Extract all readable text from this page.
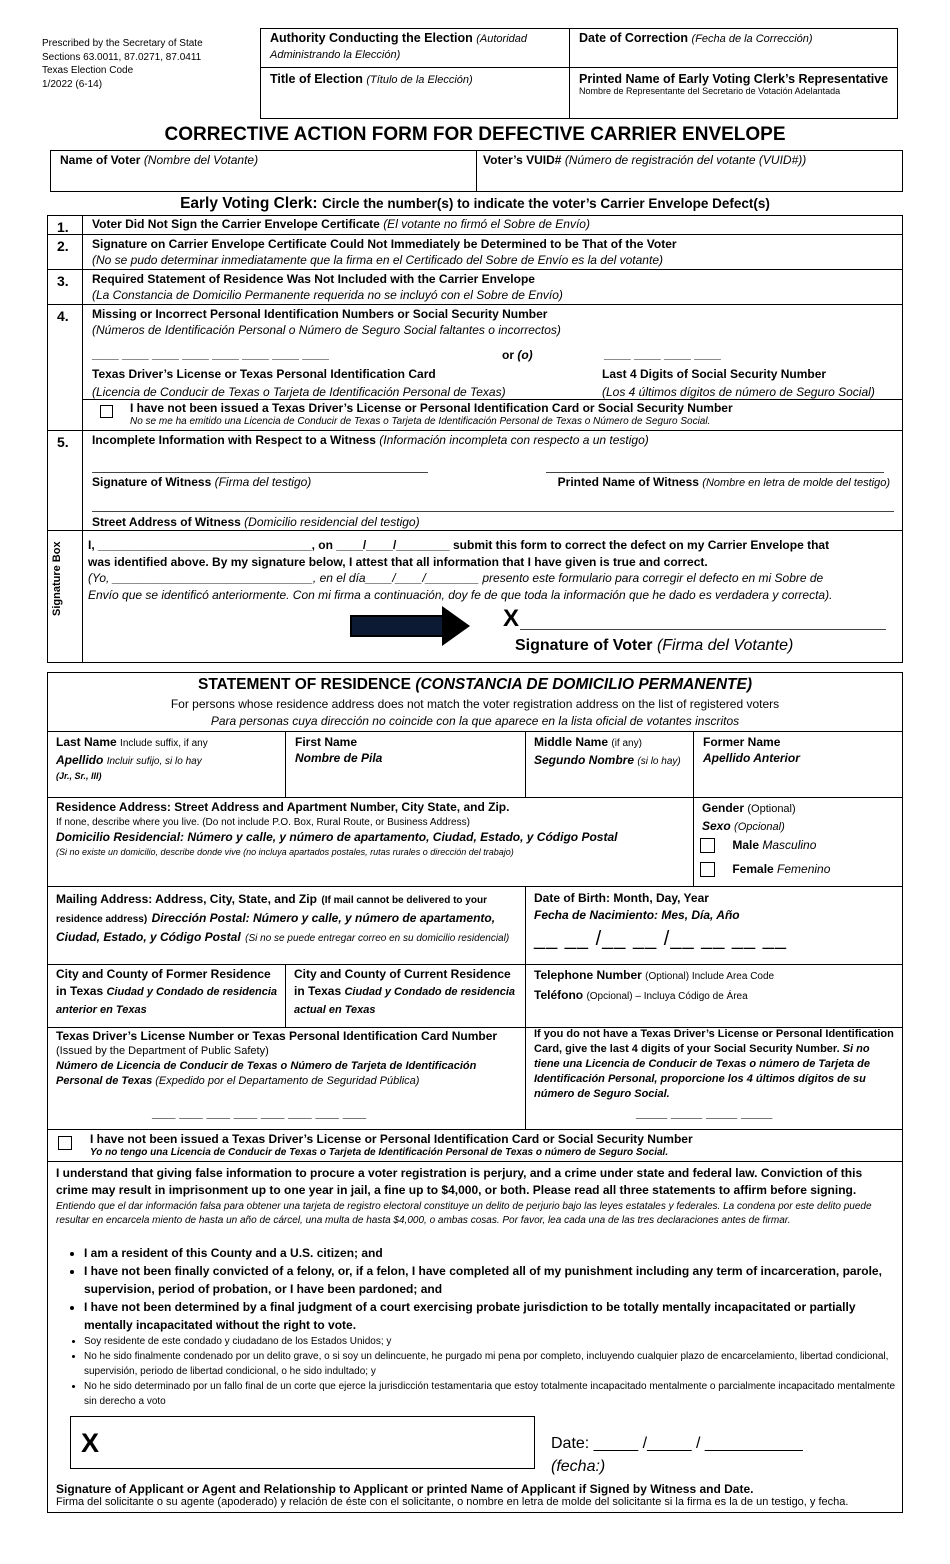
Prescribed by the Secretary of State
Sections 63.0011, 87.0271, 87.0411
Texas Election Code
1/2022 (6-14)
Authority Conducting the Election (Autoridad Administrando la Elección)
Date of Correction (Fecha de la Corrección)
Title of Election (Título de la Elección)	Printed Name of Early Voting Clerk’s Representative
Nombre de Representante del Secretario de Votación Adelantada
CORRECTIVE ACTION FORM FOR DEFECTIVE CARRIER ENVELOPE
Name of Voter (Nombre del Votante)	Voter’s VUID# (Número de registración del votante (VUID#))
Early Voting Clerk: Circle the number(s) to indicate the voter’s Carrier Envelope Defect(s)
1. Voter Did Not Sign the Carrier Envelope Certificate (El votante no firmó el Sobre de Envío)
2. Signature on Carrier Envelope Certificate Could Not Immediately be Determined to be That of the Voter
(No se pudo determinar inmediatamente que la firma en el Certificado del Sobre de Envío es la del votante)
3. Required Statement of Residence Was Not Included with the Carrier Envelope
(La Constancia de Domicilio Permanente requerida no se incluyó con el Sobre de Envío)
4. Missing or Incorrect Personal Identification Numbers or Social Security Number
(Números de Identificación Personal o Número de Seguro Social faltantes o incorrectos)
____ ____ ____ ____ ____ ____ ____ ____	or (o)	____ ____ ____ ____
Texas Driver’s License or Texas Personal Identification Card
(Licencia de Conducir de Texas o Tarjeta de Identificación Personal de Texas)
Last 4 Digits of Social Security Number
(Los 4 últimos dígitos de número de Seguro Social)
I have not been issued a Texas Driver’s License or Personal Identification Card or Social Security Number
No se me ha emitido una Licencia de Conducir de Texas o Tarjeta de Identificación Personal de Texas o Número de Seguro Social.
5. Incomplete Information with Respect to a Witness (Información incompleta con respecto a un testigo)
Signature of Witness (Firma del testigo)	Printed Name of Witness (Nombre en letra de molde del testigo)
Street Address of Witness (Domicilio residencial del testigo)
Signature Box	I, ________________________________, on ____/____/________ submit this form to correct the defect on my Carrier Envelope that
was identified above. By my signature below, I attest that all information that I have given is true and correct.
(Yo, ______________________________, en el día____/____/________ presento este formulario para corregir el defecto en mi Sobre de
Envío que se identificó anteriormente. Con mi firma a continuación, doy fe de que toda la información que he dado es verdadera y correcta).
X
Signature of Voter (Firma del Votante)
STATEMENT OF RESIDENCE (CONSTANCIA DE DOMICILIO PERMANENTE)
For persons whose residence address does not match the voter registration address on the list of registered voters
Para personas cuya dirección no coincide con la que aparece en la lista oficial de votantes inscritos
Last Name Include suffix, if any
Apellido Incluir sufijo, si lo hay
(Jr., Sr., III)
First Name
Nombre de Pila
Middle Name (if any)
Segundo Nombre (si lo hay)
Former Name
Apellido Anterior
Residence Address: Street Address and Apartment Number, City State, and Zip.
If none, describe where you live. (Do not include P.O. Box, Rural Route, or Business Address)
Domicilio Residencial: Número y calle, y número de apartamento, Ciudad, Estado, y Código Postal
(Si no existe un domicilio, describe donde vive (no incluya apartados postales, rutas rurales o dirección del trabajo)
Gender (Optional)
Sexo (Opcional)
Male Masculino
Female Femenino
Mailing Address: Address, City, State, and Zip (If mail cannot be delivered to your residence address) Dirección Postal: Número y calle, y número de apartamento, Ciudad, Estado, y Código Postal (Si no se puede entregar correo en su domicilio residencial)
Date of Birth: Month, Day, Year
Fecha de Nacimiento: Mes, Día, Año
__ __ /__ __ /__ __ __ __
City and County of Former Residence in Texas Ciudad y Condado de residencia anterior en Texas
City and County of Current Residence in Texas Ciudad y Condado de residencia actual en Texas
Telephone Number (Optional) Include Area Code
Teléfono (Opcional) – Incluya Código de Área
Texas Driver’s License Number or Texas Personal Identification Card Number
(Issued by the Department of Public Safety)
Número de Licencia de Conducir de Texas o Número de Tarjeta de Identificación Personal de Texas (Expedido por el Departamento de Seguridad Pública)
___ ___ ___ ___ ___ ___ ___ ___
If you do not have a Texas Driver’s License or Personal Identification Card, give the last 4 digits of your Social Security Number. Si no tiene una Licencia de Conducir de Texas o número de Tarjeta de Identificación Personal, proporcione los 4 últimos dígitos de su número de Seguro Social.
____ ____ ____ ____
I have not been issued a Texas Driver’s License or Personal Identification Card or Social Security Number
Yo no tengo una Licencia de Conducir de Texas o Tarjeta de Identificación Personal de Texas o número de Seguro Social.
I understand that giving false information to procure a voter registration is perjury, and a crime under state and federal law. Conviction of this crime may result in imprisonment up to one year in jail, a fine up to $4,000, or both. Please read all three statements to affirm before signing.
Entiendo que el dar información falsa para obtener una tarjeta de registro electoral constituye un delito de perjurio bajo las leyes estatales y federales. La condena por este delito puede resultar en encarcela miento de hasta un año de cárcel, una multa de hasta $4,000, o ambas cosas. Por favor, lea cada una de las tres declaraciones antes de firmar.
• I am a resident of this County and a U.S. citizen; and
• I have not been finally convicted of a felony, or, if a felon, I have completed all of my punishment including any term of incarceration, parole, supervision, period of probation, or I have been pardoned; and
• I have not been determined by a final judgment of a court exercising probate jurisdiction to be totally mentally incapacitated or partially mentally incapacitated without the right to vote.
• Soy residente de este condado y ciudadano de los Estados Unidos; y
• No he sido finalmente condenado por un delito grave, o si soy un delincuente, he purgado mi pena por completo, incluyendo cualquier plazo de encarcelamiento, libertad condicional, supervisión, periodo de libertad condicional, o he sido indultado; y
• No he sido determinado por un fallo final de un corte que ejerce la jurisdicción testamentaria que estoy totalmente incapacitado mentalmente o parcialmente incapacitado mentalmente sin derecho a voto
X	Date: _____ /_____ / ___________
(fecha:)
Signature of Applicant or Agent and Relationship to Applicant or printed Name of Applicant if Signed by Witness and Date.
Firma del solicitante o su agente (apoderado) y relación de éste con el solicitante, o nombre en letra de molde del solicitante si la firma es la de un testigo, y fecha.
